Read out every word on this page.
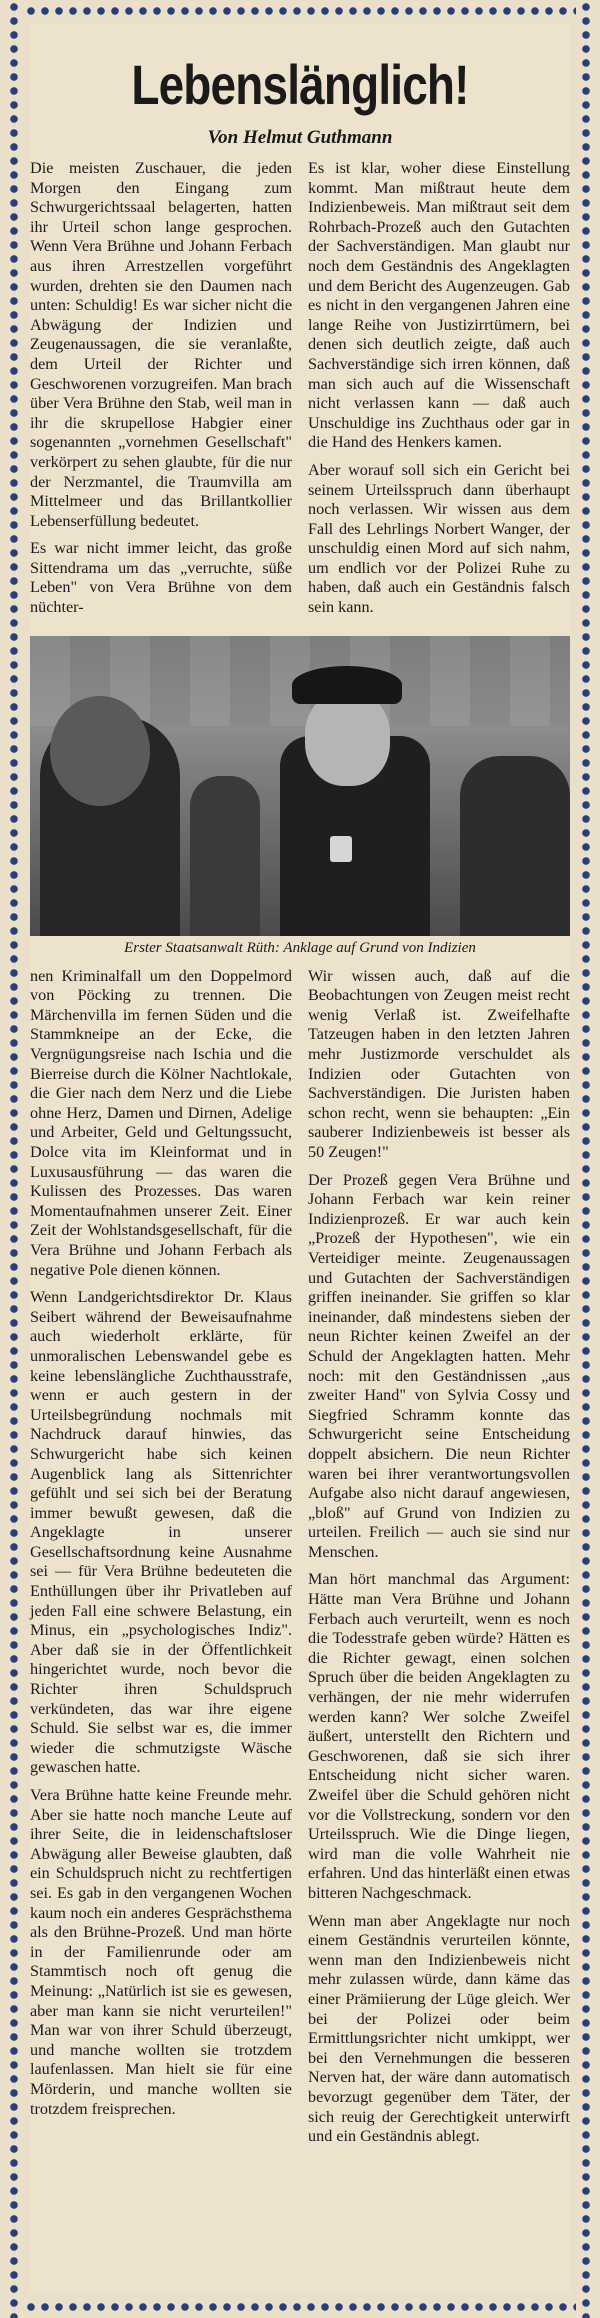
Lebenslänglich!
Von Helmut Guthmann

Die meisten Zuschauer, die jeden Morgen den Eingang zum Schwurgerichtssaal belagerten, hatten ihr Urteil schon lange gesprochen. Wenn Vera Brühne und Johann Ferbach aus ihren Arrestzellen vorgeführt wurden, drehten sie den Daumen nach unten: Schuldig! Es war sicher nicht die Abwägung der Indizien und Zeugenaussagen, die sie veranlaßte, dem Urteil der Richter und Geschworenen vorzugreifen. Man brach über Vera Brühne den Stab, weil man in ihr die skrupellose Habgier einer sogenannten „vornehmen Gesellschaft" verkörpert zu sehen glaubte, für die nur der Nerzmantel, die Traumvilla am Mittelmeer und das Brillantkollier Lebenserfüllung bedeutet.

Es war nicht immer leicht, das große Sittendrama um das „verruchte, süße Leben" von Vera Brühne von dem nüchter-

Es ist klar, woher diese Einstellung kommt. Man mißtraut heute dem Indizienbeweis. Man mißtraut seit dem Rohrbach-Prozeß auch den Gutachten der Sachverständigen. Man glaubt nur noch dem Geständnis des Angeklagten und dem Bericht des Augenzeugen. Gab es nicht in den vergangenen Jahren eine lange Reihe von Justizirrtümern, bei denen sich deutlich zeigte, daß auch Sachverständige sich irren können, daß man sich auch auf die Wissenschaft nicht verlassen kann — daß auch Unschuldige ins Zuchthaus oder gar in die Hand des Henkers kamen.

Aber worauf soll sich ein Gericht bei seinem Urteilsspruch dann überhaupt noch verlassen. Wir wissen aus dem Fall des Lehrlings Norbert Wanger, der unschuldig einen Mord auf sich nahm, um endlich vor der Polizei Ruhe zu haben, daß auch ein Geständnis falsch sein kann.

Erster Staatsanwalt Rüth: Anklage auf Grund von Indizien

nen Kriminalfall um den Doppelmord von Pöcking zu trennen. Die Märchenvilla im fernen Süden und die Stammkneipe an der Ecke, die Vergnügungsreise nach Ischia und die Bierreise durch die Kölner Nachtlokale, die Gier nach dem Nerz und die Liebe ohne Herz, Damen und Dirnen, Adelige und Arbeiter, Geld und Geltungssucht, Dolce vita im Kleinformat und in Luxusausführung — das waren die Kulissen des Prozesses. Das waren Momentaufnahmen unserer Zeit. Einer Zeit der Wohlstandsgesellschaft, für die Vera Brühne und Johann Ferbach als negative Pole dienen können.

Wenn Landgerichtsdirektor Dr. Klaus Seibert während der Beweisaufnahme auch wiederholt erklärte, für unmoralischen Lebenswandel gebe es keine lebenslängliche Zuchthausstrafe, wenn er auch gestern in der Urteilsbegründung nochmals mit Nachdruck darauf hinwies, das Schwurgericht habe sich keinen Augenblick lang als Sittenrichter gefühlt und sei sich bei der Beratung immer bewußt gewesen, daß die Angeklagte in unserer Gesellschaftsordnung keine Ausnahme sei — für Vera Brühne bedeuteten die Enthüllungen über ihr Privatleben auf jeden Fall eine schwere Belastung, ein Minus, ein „psychologisches Indiz". Aber daß sie in der Öffentlichkeit hingerichtet wurde, noch bevor die Richter ihren Schuldspruch verkündeten, das war ihre eigene Schuld. Sie selbst war es, die immer wieder die schmutzigste Wäsche gewaschen hatte.

Vera Brühne hatte keine Freunde mehr. Aber sie hatte noch manche Leute auf ihrer Seite, die in leidenschaftsloser Abwägung aller Beweise glaubten, daß ein Schuldspruch nicht zu rechtfertigen sei. Es gab in den vergangenen Wochen kaum noch ein anderes Gesprächsthema als den Brühne-Prozeß. Und man hörte in der Familienrunde oder am Stammtisch noch oft genug die Meinung: „Natürlich ist sie es gewesen, aber man kann sie nicht verurteilen!" Man war von ihrer Schuld überzeugt, und manche wollten sie trotzdem laufenlassen. Man hielt sie für eine Mörderin, und manche wollten sie trotzdem freisprechen.

Wir wissen auch, daß auf die Beobachtungen von Zeugen meist recht wenig Verlaß ist. Zweifelhafte Tatzeugen haben in den letzten Jahren mehr Justizmorde verschuldet als Indizien oder Gutachten von Sachverständigen. Die Juristen haben schon recht, wenn sie behaupten: „Ein sauberer Indizienbeweis ist besser als 50 Zeugen!"

Der Prozeß gegen Vera Brühne und Johann Ferbach war kein reiner Indizienprozeß. Er war auch kein „Prozeß der Hypothesen", wie ein Verteidiger meinte. Zeugenaussagen und Gutachten der Sachverständigen griffen ineinander. Sie griffen so klar ineinander, daß mindestens sieben der neun Richter keinen Zweifel an der Schuld der Angeklagten hatten. Mehr noch: mit den Geständnissen „aus zweiter Hand" von Sylvia Cossy und Siegfried Schramm konnte das Schwurgericht seine Entscheidung doppelt absichern. Die neun Richter waren bei ihrer verantwortungsvollen Aufgabe also nicht darauf angewiesen, „bloß" auf Grund von Indizien zu urteilen. Freilich — auch sie sind nur Menschen.

Man hört manchmal das Argument: Hätte man Vera Brühne und Johann Ferbach auch verurteilt, wenn es noch die Todesstrafe geben würde? Hätten es die Richter gewagt, einen solchen Spruch über die beiden Angeklagten zu verhängen, der nie mehr widerrufen werden kann? Wer solche Zweifel äußert, unterstellt den Richtern und Geschworenen, daß sie sich ihrer Entscheidung nicht sicher waren. Zweifel über die Schuld gehören nicht vor die Vollstreckung, sondern vor den Urteilsspruch. Wie die Dinge liegen, wird man die volle Wahrheit nie erfahren. Und das hinterläßt einen etwas bitteren Nachgeschmack.

Wenn man aber Angeklagte nur noch einem Geständnis verurteilen könnte, wenn man den Indizienbeweis nicht mehr zulassen würde, dann käme das einer Prämiierung der Lüge gleich. Wer bei der Polizei oder beim Ermittlungsrichter nicht umkippt, wer bei den Vernehmungen die besseren Nerven hat, der wäre dann automatisch bevorzugt gegenüber dem Täter, der sich reuig der Gerechtigkeit unterwirft und ein Geständnis ablegt.
